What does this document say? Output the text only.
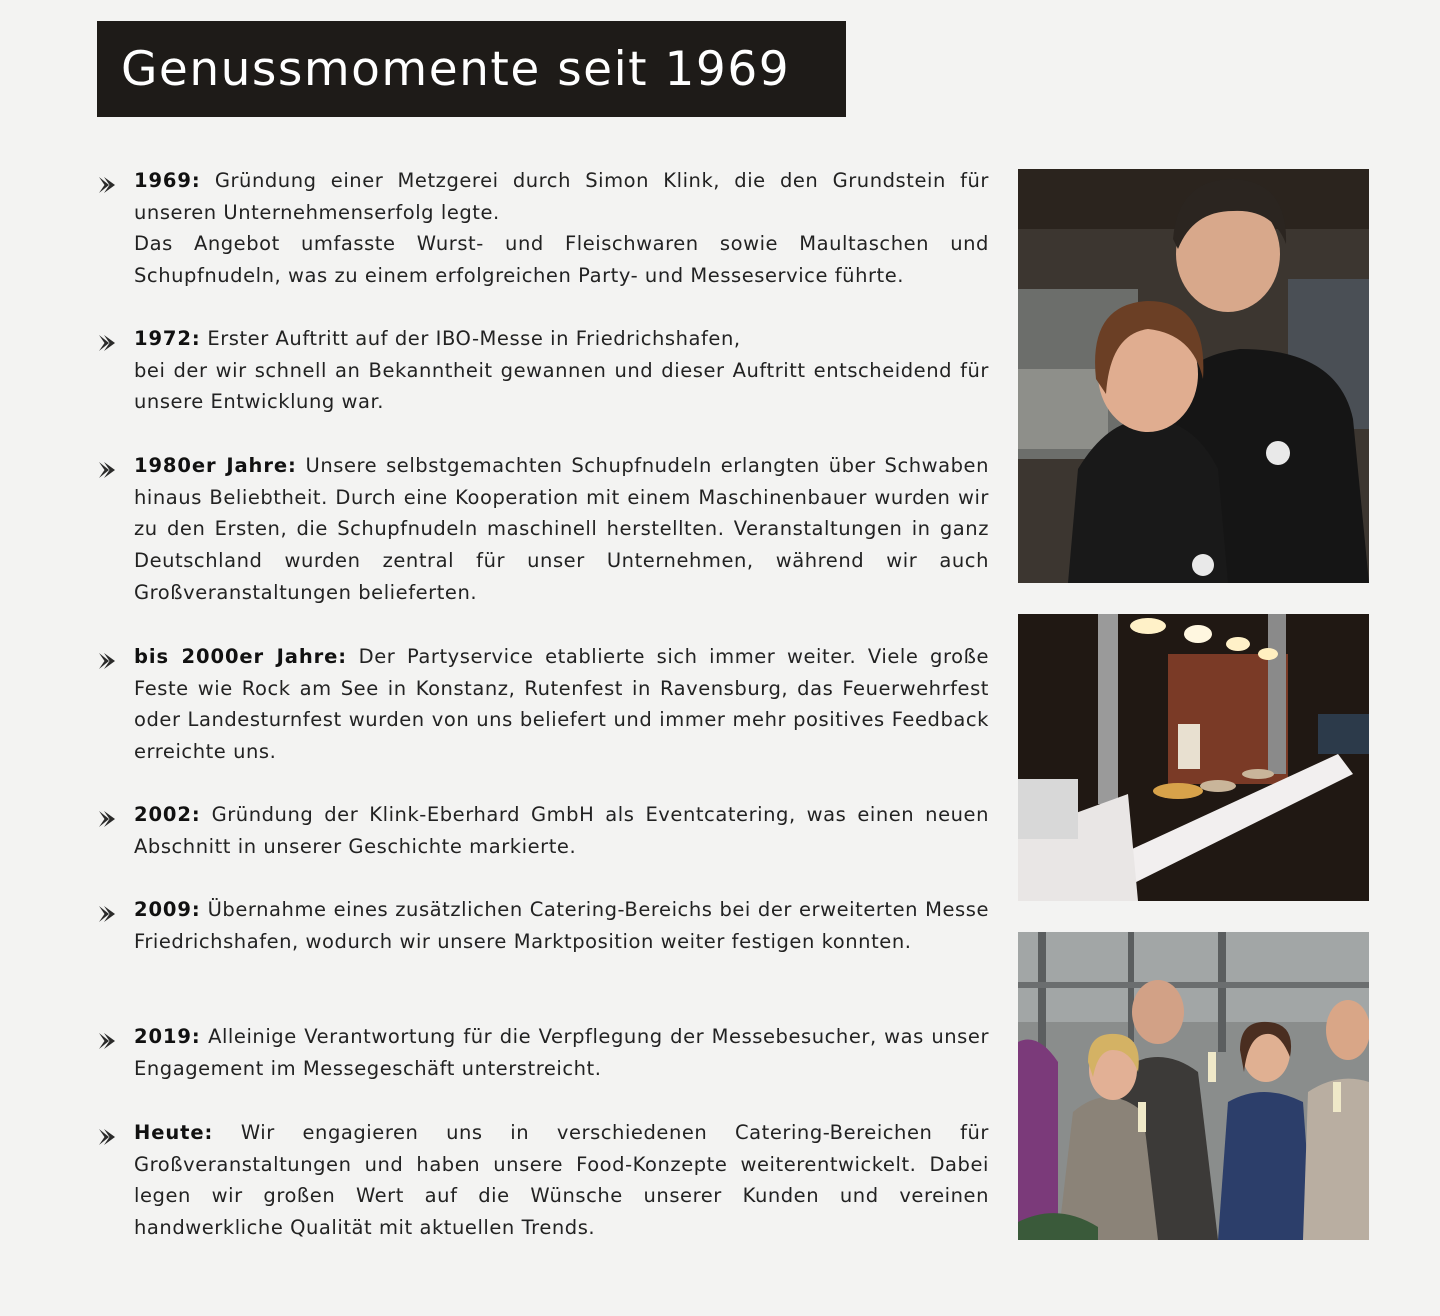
Genussmomente seit 1969
1969: Gründung einer Metzgerei durch Simon Klink, die den Grundstein für unseren Unternehmenserfolg legte.
Das Angebot umfasste Wurst- und Fleischwaren sowie Maultaschen und Schupfnudeln, was zu einem erfolgreichen Party- und Messeservice führte.
1972: Erster Auftritt auf der IBO-Messe in Friedrichshafen,
bei der wir schnell an Bekanntheit gewannen und dieser Auftritt entscheidend für unsere Entwicklung war.
1980er Jahre: Unsere selbstgemachten Schupfnudeln erlangten über Schwaben hinaus Beliebtheit. Durch eine Kooperation mit einem Maschinenbauer wurden wir zu den Ersten, die Schupfnudeln maschinell herstellten. Veranstaltungen in ganz Deutschland wurden zentral für unser Unternehmen, während wir auch Großveranstaltungen belieferten.
bis 2000er Jahre: Der Partyservice etablierte sich immer weiter. Viele große Feste wie Rock am See in Konstanz, Rutenfest in Ravensburg, das Feuerwehrfest oder Landesturnfest wurden von uns beliefert und immer mehr positives Feedback erreichte uns.
2002: Gründung der Klink-Eberhard GmbH als Eventcatering, was einen neuen Abschnitt in unserer Geschichte markierte.
2009: Übernahme eines zusätzlichen Catering-Bereichs bei der erweiterten Messe Friedrichshafen, wodurch wir unsere Marktposition weiter festigen konnten.
2019: Alleinige Verantwortung für die Verpflegung der Messebesucher, was unser Engagement im Messegeschäft unterstreicht.
Heute: Wir engagieren uns in verschiedenen Catering-Bereichen für Großveranstaltungen und haben unsere Food-Konzepte weiterentwickelt. Dabei legen wir großen Wert auf die Wünsche unserer Kunden und vereinen handwerkliche Qualität mit aktuellen Trends.
